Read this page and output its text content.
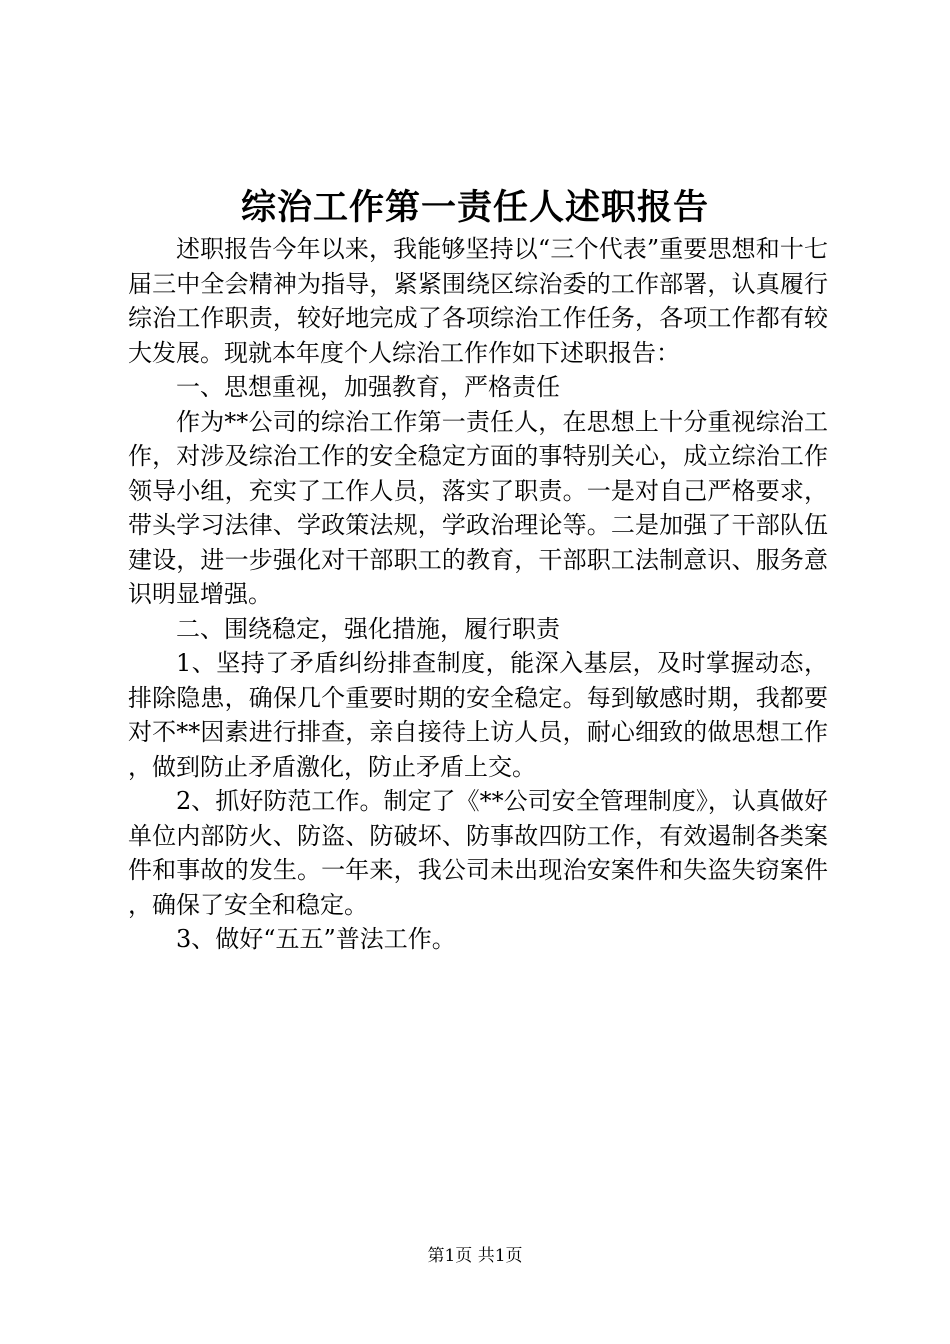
综治工作第一责任人述职报告

述职报告今年以来，我能够坚持以“三个代表”重要思想和十七届三中全会精神为指导，紧紧围绕区综治委的工作部署，认真履行综治工作职责，较好地完成了各项综治工作任务，各项工作都有较大发展。现就本年度个人综治工作作如下述职报告：

一、思想重视，加强教育，严格责任

作为**公司的综治工作第一责任人，在思想上十分重视综治工作，对涉及综治工作的安全稳定方面的事特别关心，成立综治工作领导小组，充实了工作人员，落实了职责。一是对自己严格要求，带头学习法律、学政策法规，学政治理论等。二是加强了干部队伍建设，进一步强化对干部职工的教育，干部职工法制意识、服务意识明显增强。

二、围绕稳定，强化措施，履行职责

1、坚持了矛盾纠纷排查制度，能深入基层，及时掌握动态，排除隐患，确保几个重要时期的安全稳定。每到敏感时期，我都要对不**因素进行排查，亲自接待上访人员，耐心细致的做思想工作，做到防止矛盾激化，防止矛盾上交。

2、抓好防范工作。制定了《**公司安全管理制度》，认真做好单位内部防火、防盗、防破坏、防事故四防工作，有效遏制各类案件和事故的发生。一年来，我公司未出现治安案件和失盗失窃案件，确保了安全和稳定。

3、做好“五五”普法工作。

第1页 共1页
